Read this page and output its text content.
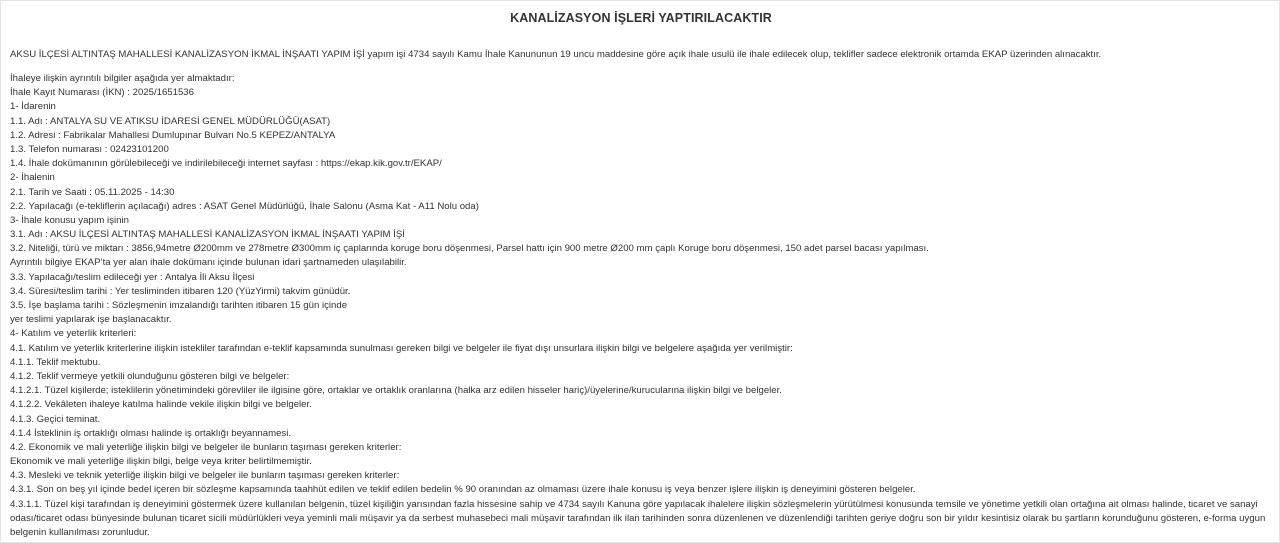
KANALİZASYON İŞLERİ YAPTIRILACAKTIR
AKSU İLÇESİ ALTINTAŞ MAHALLESİ KANALİZASYON İKMAL İNŞAATI YAPIM İŞİ yapım işi 4734 sayılı Kamu İhale Kanununun 19 uncu maddesine göre açık ihale usulü ile ihale edilecek olup, teklifler sadece elektronik ortamda EKAP üzerinden alınacaktır.
İhaleye ilişkin ayrıntılı bilgiler aşağıda yer almaktadır:
İhale Kayıt Numarası (İKN) : 2025/1651536
1- İdarenin
1.1. Adı : ANTALYA SU VE ATIKSU İDARESİ GENEL MÜDÜRLÜĞÜ(ASAT)
1.2. Adresi : Fabrikalar Mahallesi Dumlupınar Bulvarı No.5 KEPEZ/ANTALYA
1.3. Telefon numarası : 02423101200
1.4. İhale dokümanının görülebileceği ve indirilebileceği internet sayfası : https://ekap.kik.gov.tr/EKAP/
2- İhalenin
2.1. Tarih ve Saati : 05.11.2025 - 14:30
2.2. Yapılacağı (e-tekliflerin açılacağı) adres : ASAT Genel Müdürlüğü, İhale Salonu (Asma Kat - A11 Nolu oda)
3- İhale konusu yapım işinin
3.1. Adı : AKSU İLÇESİ ALTINTAŞ MAHALLESİ KANALİZASYON İKMAL İNŞAATI YAPIM İŞİ
3.2. Niteliği, türü ve miktarı : 3856,94metre Ø200mm ve 278metre Ø300mm iç çaplarında koruge boru döşenmesi, Parsel hattı için 900 metre Ø200 mm çaplı Koruge boru döşenmesi, 150 adet parsel bacası yapılması.
Ayrıntılı bilgiye EKAP’ta yer alan ihale dokümanı içinde bulunan idari şartnameden ulaşılabilir.
3.3. Yapılacağı/teslim edileceği yer : Antalya İli Aksu İlçesi
3.4. Süresi/teslim tarihi : Yer tesliminden itibaren 120 (YüzYirmi) takvim günüdür.
3.5. İşe başlama tarihi : Sözleşmenin imzalandığı tarihten itibaren 15 gün içinde
yer teslimi yapılarak işe başlanacaktır.
4- Katılım ve yeterlik kriterleri:
4.1. Katılım ve yeterlik kriterlerine ilişkin istekliler tarafından e-teklif kapsamında sunulması gereken bilgi ve belgeler ile fiyat dışı unsurlara ilişkin bilgi ve belgelere aşağıda yer verilmiştir:
4.1.1. Teklif mektubu.
4.1.2. Teklif vermeye yetkili olunduğunu gösteren bilgi ve belgeler:
4.1.2.1. Tüzel kişilerde; isteklilerin yönetimindeki görevliler ile ilgisine göre, ortaklar ve ortaklık oranlarına (halka arz edilen hisseler hariç)/üyelerine/kurucularına ilişkin bilgi ve belgeler.
4.1.2.2. Vekâleten ihaleye katılma halinde vekile ilişkin bilgi ve belgeler.
4.1.3. Geçici teminat.
4.1.4 İsteklinin iş ortaklığı olması halinde iş ortaklığı beyannamesi.
4.2. Ekonomik ve mali yeterliğe ilişkin bilgi ve belgeler ile bunların taşıması gereken kriterler:
Ekonomik ve mali yeterliğe ilişkin bilgi, belge veya kriter belirtilmemiştir.
4.3. Mesleki ve teknik yeterliğe ilişkin bilgi ve belgeler ile bunların taşıması gereken kriterler:
4.3.1. Son on beş yıl içinde bedel içeren bir sözleşme kapsamında taahhüt edilen ve teklif edilen bedelin % 90 oranından az olmaması üzere ihale konusu iş veya benzer işlere ilişkin iş deneyimini gösteren belgeler.
4.3.1.1. Tüzel kişi tarafından iş deneyimini göstermek üzere kullanılan belgenin, tüzel kişiliğin yarısından fazla hissesine sahip ve 4734 sayılı Kanuna göre yapılacak ihalelere ilişkin sözleşmelerin yürütülmesi konusunda temsile ve yönetime yetkili olan ortağına ait olması halinde, ticaret ve sanayi odası/ticaret odası bünyesinde bulunan ticaret sicili müdürlükleri veya yeminli mali müşavir ya da serbest muhasebeci mali müşavir tarafından ilk ilan tarihinden sonra düzenlenen ve düzenlendiği tarihten geriye doğru son bir yıldır kesintisiz olarak bu şartların korunduğunu gösteren, e-forma uygun belgenin kullanılması zorunludur.
